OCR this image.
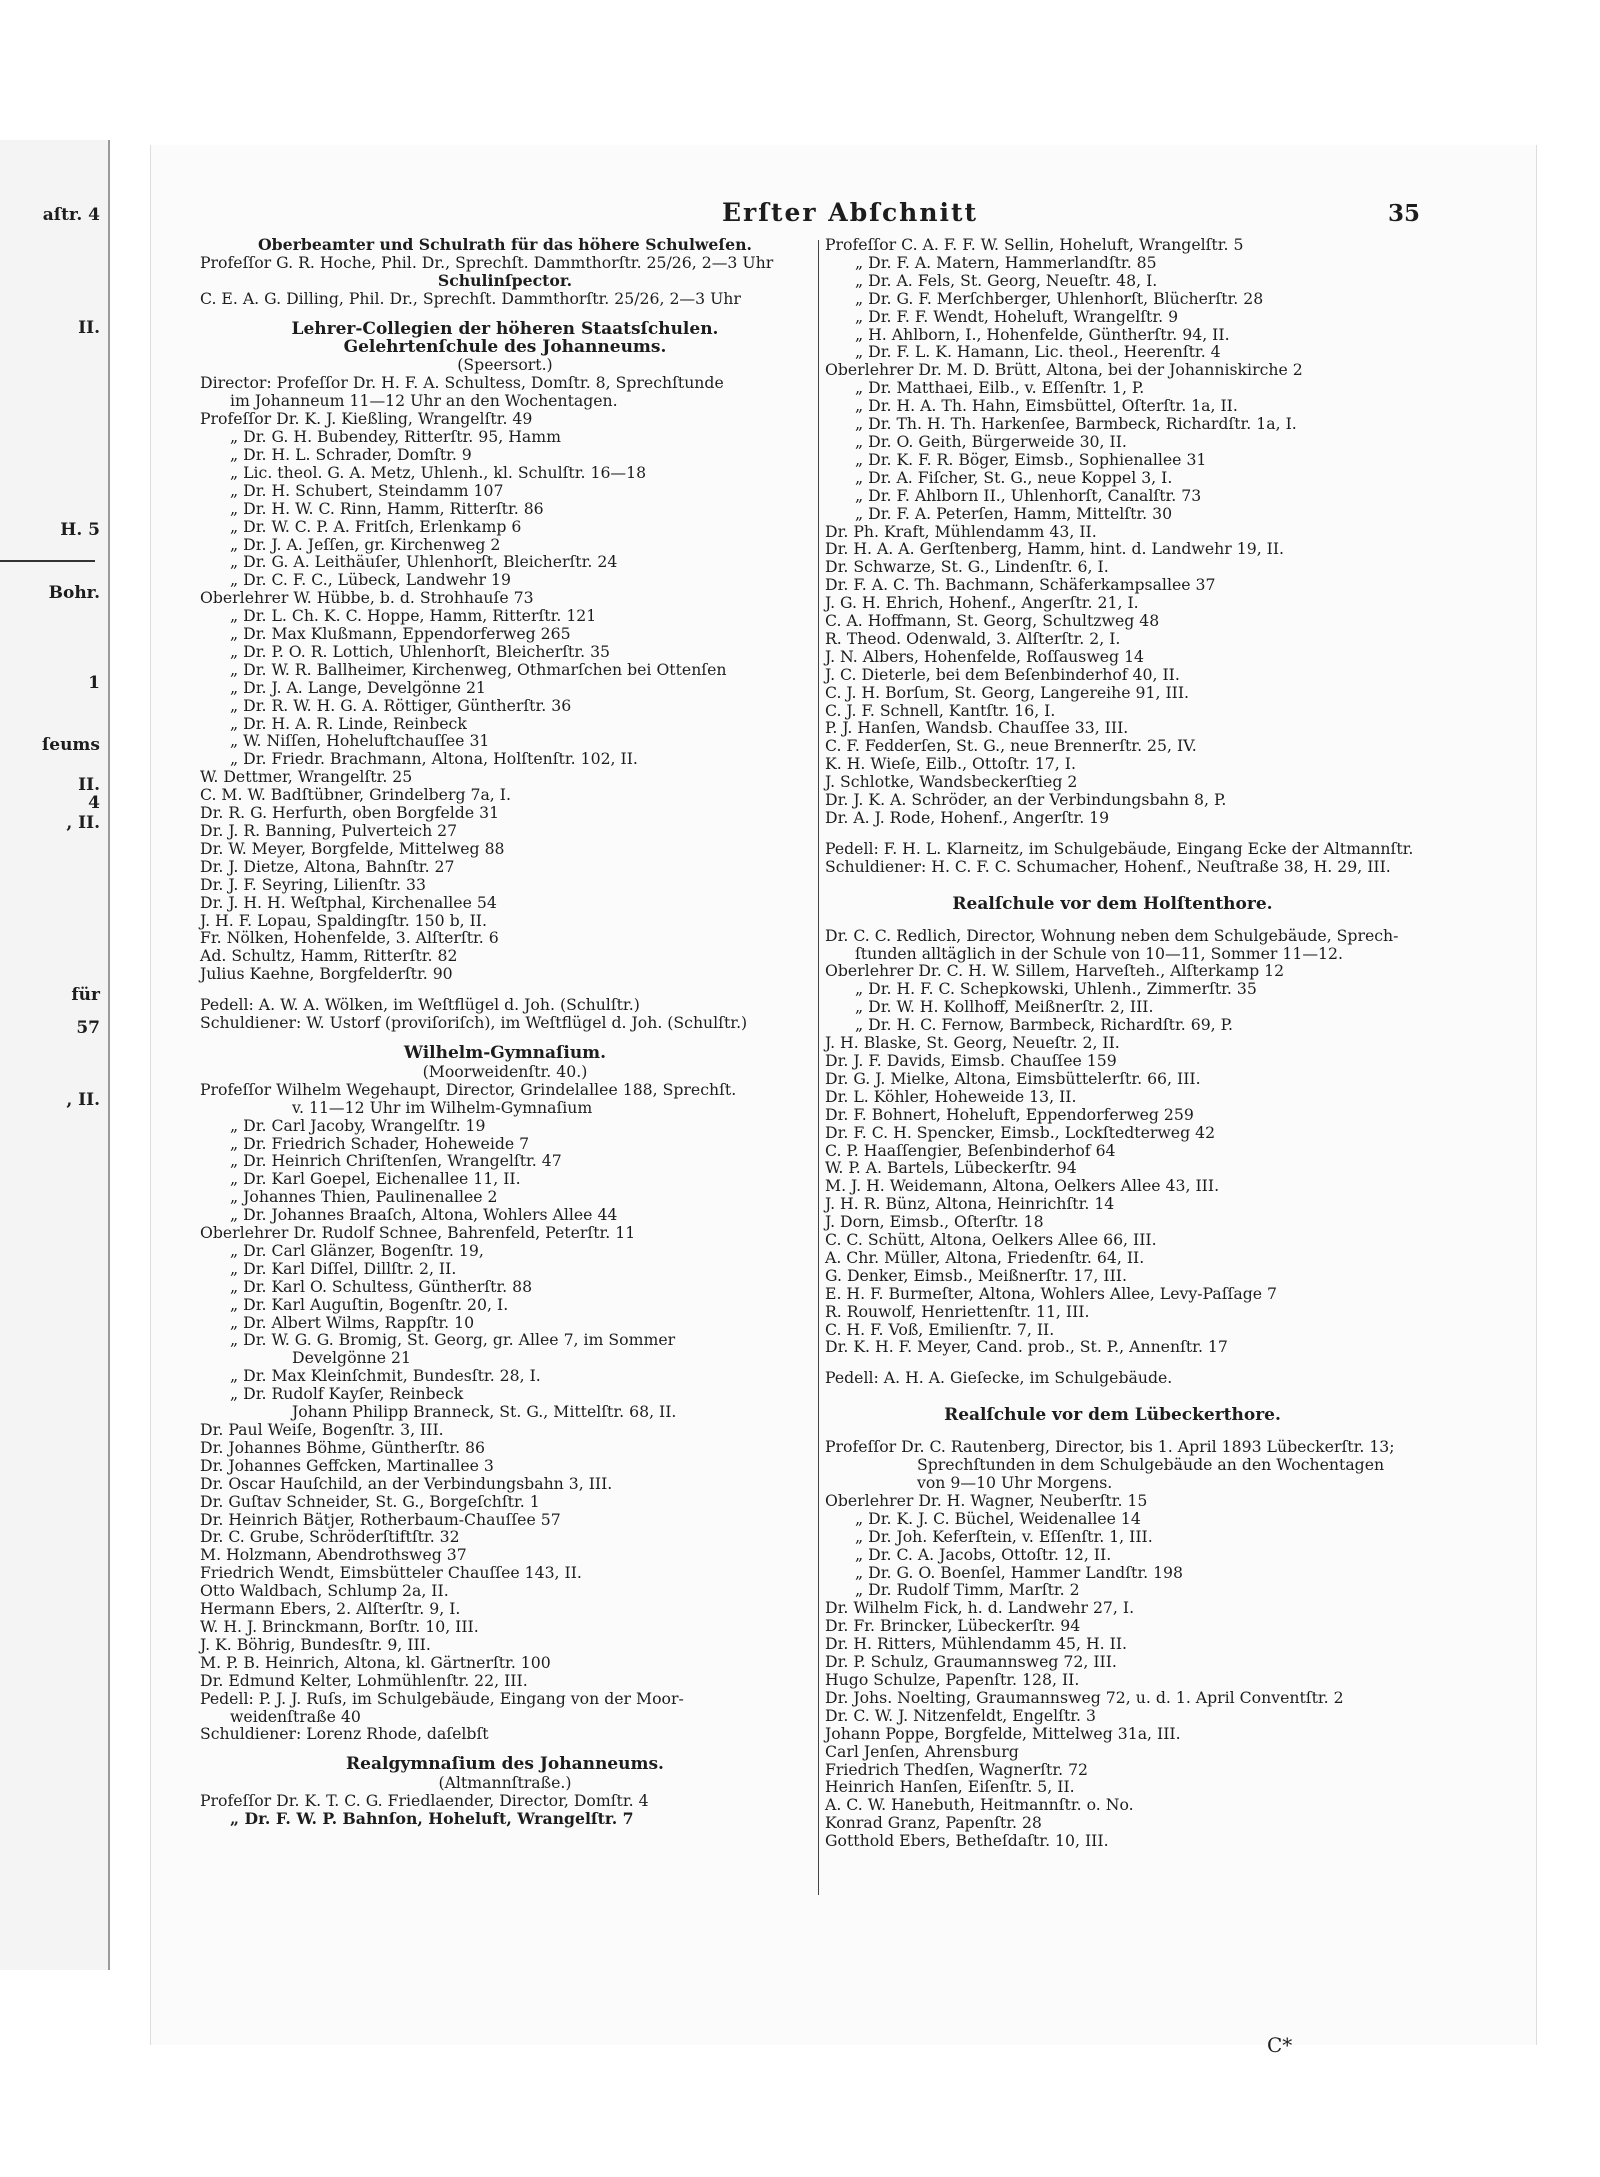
aſtr. 4
II.
H. 5
Bohr.
1
ſeums
II.
4
, II.
für
57
, II.
Erſter Abſchnitt	35
Oberbeamter und Schulrath für das höhere Schulweſen.
Profeſſor G. R. Hoche, Phil. Dr., Sprechſt. Dammthorſtr. 25/26, 2—3 Uhr
Schulinſpector.
C. E. A. G. Dilling, Phil. Dr., Sprechſt. Dammthorſtr. 25/26, 2—3 Uhr
Lehrer-Collegien der höheren Staatsſchulen.
Gelehrtenſchule des Johanneums.
(Speersort.)
Director: Profeſſor Dr. H. F. A. Schultess, Domſtr. 8, Sprechſtunde
im Johanneum 11—12 Uhr an den Wochentagen.
Profeſſor Dr. K. J. Kießling, Wrangelſtr. 49
„ Dr. G. H. Bubendey, Ritterſtr. 95, Hamm
„ Dr. H. L. Schrader, Domſtr. 9
„ Lic. theol. G. A. Metz, Uhlenh., kl. Schulſtr. 16—18
„ Dr. H. Schubert, Steindamm 107
„ Dr. H. W. C. Rinn, Hamm, Ritterſtr. 86
„ Dr. W. C. P. A. Fritſch, Erlenkamp 6
„ Dr. J. A. Jeſſen, gr. Kirchenweg 2
„ Dr. G. A. Leithäuſer, Uhlenhorſt, Bleicherſtr. 24
„ Dr. C. F. C., Lübeck, Landwehr 19
Oberlehrer W. Hübbe, b. d. Strohhauſe 73
„ Dr. L. Ch. K. C. Hoppe, Hamm, Ritterſtr. 121
„ Dr. Max Klußmann, Eppendorferweg 265
„ Dr. P. O. R. Lottich, Uhlenhorſt, Bleicherſtr. 35
„ Dr. W. R. Ballheimer, Kirchenweg, Othmarſchen bei Ottenſen
„ Dr. J. A. Lange, Develgönne 21
„ Dr. R. W. H. G. A. Röttiger, Güntherſtr. 36
„ Dr. H. A. R. Linde, Reinbeck
„ W. Niſſen, Hoheluftchauſſee 31
„ Dr. Friedr. Brachmann, Altona, Holſtenſtr. 102, II.
W. Dettmer, Wrangelſtr. 25
C. M. W. Badſtübner, Grindelberg 7a, I.
Dr. R. G. Herfurth, oben Borgfelde 31
Dr. J. R. Banning, Pulverteich 27
Dr. W. Meyer, Borgfelde, Mittelweg 88
Dr. J. Dietze, Altona, Bahnſtr. 27
Dr. J. F. Seyring, Lilienſtr. 33
Dr. J. H. H. Weſtphal, Kirchenallee 54
J. H. F. Lopau, Spaldingſtr. 150 b, II.
Fr. Nölken, Hohenfelde, 3. Alſterſtr. 6
Ad. Schultz, Hamm, Ritterſtr. 82
Julius Kaehne, Borgfelderſtr. 90
Pedell: A. W. A. Wölken, im Weſtflügel d. Joh. (Schulſtr.)
Schuldiener: W. Ustorf (proviſoriſch), im Weſtflügel d. Joh. (Schulſtr.)
Wilhelm-Gymnaſium.
(Moorweidenſtr. 40.)
Profeſſor Wilhelm Wegehaupt, Director, Grindelallee 188, Sprechſt.
v. 11—12 Uhr im Wilhelm-Gymnaſium
„ Dr. Carl Jacoby, Wrangelſtr. 19
„ Dr. Friedrich Schader, Hoheweide 7
„ Dr. Heinrich Chriſtenſen, Wrangelſtr. 47
„ Dr. Karl Goepel, Eichenallee 11, II.
„ Johannes Thien, Paulinenallee 2
„ Dr. Johannes Braaſch, Altona, Wohlers Allee 44
Oberlehrer Dr. Rudolf Schnee, Bahrenfeld, Peterſtr. 11
„ Dr. Carl Glänzer, Bogenſtr. 19,
„ Dr. Karl Diſſel, Dillſtr. 2, II.
„ Dr. Karl O. Schultess, Güntherſtr. 88
„ Dr. Karl Auguſtin, Bogenſtr. 20, I.
„ Dr. Albert Wilms, Rappſtr. 10
„ Dr. W. G. G. Bromig, St. Georg, gr. Allee 7, im Sommer
Develgönne 21
„ Dr. Max Kleinſchmit, Bundesſtr. 28, I.
„ Dr. Rudolf Kayſer, Reinbeck
Johann Philipp Branneck, St. G., Mittelſtr. 68, II.
Dr. Paul Weiſe, Bogenſtr. 3, III.
Dr. Johannes Böhme, Güntherſtr. 86
Dr. Johannes Geffcken, Martinallee 3
Dr. Oscar Hauſchild, an der Verbindungsbahn 3, III.
Dr. Guſtav Schneider, St. G., Borgeſchſtr. 1
Dr. Heinrich Bätjer, Rotherbaum-Chauſſee 57
Dr. C. Grube, Schröderſtiftſtr. 32
M. Holzmann, Abendrothsweg 37
Friedrich Wendt, Eimsbütteler Chauſſee 143, II.
Otto Waldbach, Schlump 2a, II.
Hermann Ebers, 2. Alſterſtr. 9, I.
W. H. J. Brinckmann, Borſtr. 10, III.
J. K. Böhrig, Bundesſtr. 9, III.
M. P. B. Heinrich, Altona, kl. Gärtnerſtr. 100
Dr. Edmund Kelter, Lohmühlenſtr. 22, III.
Pedell: P. J. J. Ruſs, im Schulgebäude, Eingang von der Moor-
weidenſtraße 40
Schuldiener: Lorenz Rhode, daſelbſt
Realgymnaſium des Johanneums.
(Altmannſtraße.)
Profeſſor Dr. K. T. C. G. Friedlaender, Director, Domſtr. 4
„ Dr. F. W. P. Bahnſon, Hoheluft, Wrangelſtr. 7
Profeſſor C. A. F. F. W. Sellin, Hoheluft, Wrangelſtr. 5
„ Dr. F. A. Matern, Hammerlandſtr. 85
„ Dr. A. Fels, St. Georg, Neueſtr. 48, I.
„ Dr. G. F. Merſchberger, Uhlenhorſt, Blücherſtr. 28
„ Dr. F. F. Wendt, Hoheluft, Wrangelſtr. 9
„ H. Ahlborn, I., Hohenfelde, Güntherſtr. 94, II.
„ Dr. F. L. K. Hamann, Lic. theol., Heerenſtr. 4
Oberlehrer Dr. M. D. Brütt, Altona, bei der Johanniskirche 2
„ Dr. Matthaei, Eilb., v. Eſſenſtr. 1, P.
„ Dr. H. A. Th. Hahn, Eimsbüttel, Oſterſtr. 1a, II.
„ Dr. Th. H. Th. Harkenſee, Barmbeck, Richardſtr. 1a, I.
„ Dr. O. Geith, Bürgerweide 30, II.
„ Dr. K. F. R. Böger, Eimsb., Sophienallee 31
„ Dr. A. Fiſcher, St. G., neue Koppel 3, I.
„ Dr. F. Ahlborn II., Uhlenhorſt, Canalſtr. 73
„ Dr. F. A. Peterſen, Hamm, Mittelſtr. 30
Dr. Ph. Kraft, Mühlendamm 43, II.
Dr. H. A. A. Gerſtenberg, Hamm, hint. d. Landwehr 19, II.
Dr. Schwarze, St. G., Lindenſtr. 6, I.
Dr. F. A. C. Th. Bachmann, Schäferkampsallee 37
J. G. H. Ehrich, Hohenf., Angerſtr. 21, I.
C. A. Hoffmann, St. Georg, Schultzweg 48
R. Theod. Odenwald, 3. Alſterſtr. 2, I.
J. N. Albers, Hohenfelde, Roſſausweg 14
J. C. Dieterle, bei dem Beſenbinderhof 40, II.
C. J. H. Borſum, St. Georg, Langereihe 91, III.
C. J. F. Schnell, Kantſtr. 16, I.
P. J. Hanſen, Wandsb. Chauſſee 33, III.
C. F. Fedderſen, St. G., neue Brennerſtr. 25, IV.
K. H. Wieſe, Eilb., Ottoſtr. 17, I.
J. Schlotke, Wandsbeckerſtieg 2
Dr. J. K. A. Schröder, an der Verbindungsbahn 8, P.
Dr. A. J. Rode, Hohenf., Angerſtr. 19
Pedell: F. H. L. Klarneitz, im Schulgebäude, Eingang Ecke der Altmannſtr.
Schuldiener: H. C. F. C. Schumacher, Hohenf., Neuſtraße 38, H. 29, III.
Realſchule vor dem Holſtenthore.
Dr. C. C. Redlich, Director, Wohnung neben dem Schulgebäude, Sprech-
ſtunden alltäglich in der Schule von 10—11, Sommer 11—12.
Oberlehrer Dr. C. H. W. Sillem, Harveſteh., Alſterkamp 12
„ Dr. H. F. C. Schepkowski, Uhlenh., Zimmerſtr. 35
„ Dr. W. H. Kollhoff, Meißnerſtr. 2, III.
„ Dr. H. C. Fernow, Barmbeck, Richardſtr. 69, P.
J. H. Blaske, St. Georg, Neueſtr. 2, II.
Dr. J. F. Davids, Eimsb. Chauſſee 159
Dr. G. J. Mielke, Altona, Eimsbüttelerſtr. 66, III.
Dr. L. Köhler, Hoheweide 13, II.
Dr. F. Bohnert, Hoheluft, Eppendorferweg 259
Dr. F. C. H. Spencker, Eimsb., Lockſtedterweg 42
C. P. Haaſſengier, Beſenbinderhof 64
W. P. A. Bartels, Lübeckerſtr. 94
M. J. H. Weidemann, Altona, Oelkers Allee 43, III.
J. H. R. Bünz, Altona, Heinrichſtr. 14
J. Dorn, Eimsb., Oſterſtr. 18
C. C. Schütt, Altona, Oelkers Allee 66, III.
A. Chr. Müller, Altona, Friedenſtr. 64, II.
G. Denker, Eimsb., Meißnerſtr. 17, III.
E. H. F. Burmeſter, Altona, Wohlers Allee, Levy-Paſſage 7
R. Rouwolf, Henriettenſtr. 11, III.
C. H. F. Voß, Emilienſtr. 7, II.
Dr. K. H. F. Meyer, Cand. prob., St. P., Annenſtr. 17
Pedell: A. H. A. Gieſecke, im Schulgebäude.
Realſchule vor dem Lübeckerthore.
Profeſſor Dr. C. Rautenberg, Director, bis 1. April 1893 Lübeckerſtr. 13;
Sprechſtunden in dem Schulgebäude an den Wochentagen
von 9—10 Uhr Morgens.
Oberlehrer Dr. H. Wagner, Neuberſtr. 15
„ Dr. K. J. C. Büchel, Weidenallee 14
„ Dr. Joh. Keferſtein, v. Eſſenſtr. 1, III.
„ Dr. C. A. Jacobs, Ottoſtr. 12, II.
„ Dr. G. O. Boenſel, Hammer Landſtr. 198
„ Dr. Rudolf Timm, Marſtr. 2
Dr. Wilhelm Fick, h. d. Landwehr 27, I.
Dr. Fr. Brincker, Lübeckerſtr. 94
Dr. H. Ritters, Mühlendamm 45, H. II.
Dr. P. Schulz, Graumannsweg 72, III.
Hugo Schulze, Papenſtr. 128, II.
Dr. Johs. Noelting, Graumannsweg 72, u. d. 1. April Conventſtr. 2
Dr. C. W. J. Nitzenfeldt, Engelſtr. 3
Johann Poppe, Borgfelde, Mittelweg 31a, III.
Carl Jenſen, Ahrensburg
Friedrich Thedſen, Wagnerſtr. 72
Heinrich Hanſen, Eiſenſtr. 5, II.
A. C. W. Hanebuth, Heitmannſtr. o. No.
Konrad Granz, Papenſtr. 28
Gotthold Ebers, Betheſdaſtr. 10, III.
C*
